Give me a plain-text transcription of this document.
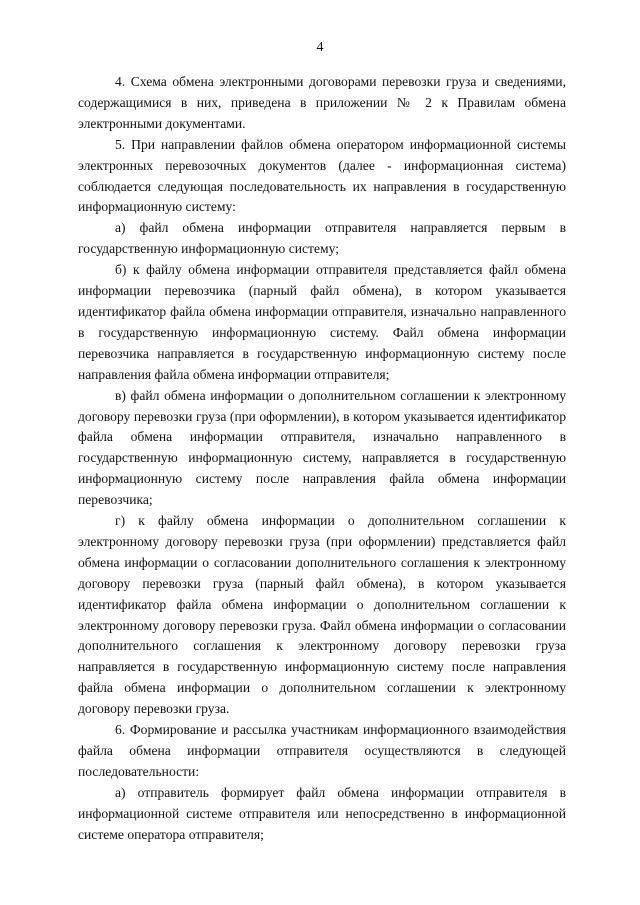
4

4. Схема обмена электронными договорами перевозки груза и сведениями, содержащимися в них, приведена в приложении № 2 к Правилам обмена электронными документами.

5. При направлении файлов обмена оператором информационной системы электронных перевозочных документов (далее - информационная система) соблюдается следующая последовательность их направления в государственную информационную систему:

а) файл обмена информации отправителя направляется первым в государственную информационную систему;

б) к файлу обмена информации отправителя представляется файл обмена информации перевозчика (парный файл обмена), в котором указывается идентификатор файла обмена информации отправителя, изначально направленного в государственную информационную систему. Файл обмена информации перевозчика направляется в государственную информационную систему после направления файла обмена информации отправителя;

в) файл обмена информации о дополнительном соглашении к электронному договору перевозки груза (при оформлении), в котором указывается идентификатор файла обмена информации отправителя, изначально направленного в государственную информационную систему, направляется в государственную информационную систему после направления файла обмена информации перевозчика;

г) к файлу обмена информации о дополнительном соглашении к электронному договору перевозки груза (при оформлении) представляется файл обмена информации о согласовании дополнительного соглашения к электронному договору перевозки груза (парный файл обмена), в котором указывается идентификатор файла обмена информации о дополнительном соглашении к электронному договору перевозки груза. Файл обмена информации о согласовании дополнительного соглашения к электронному договору перевозки груза направляется в государственную информационную систему после направления файла обмена информации о дополнительном соглашении к электронному договору перевозки груза.

6. Формирование и рассылка участникам информационного взаимодействия файла обмена информации отправителя осуществляются в следующей последовательности:

а) отправитель формирует файл обмена информации отправителя в информационной системе отправителя или непосредственно в информационной системе оператора отправителя;
